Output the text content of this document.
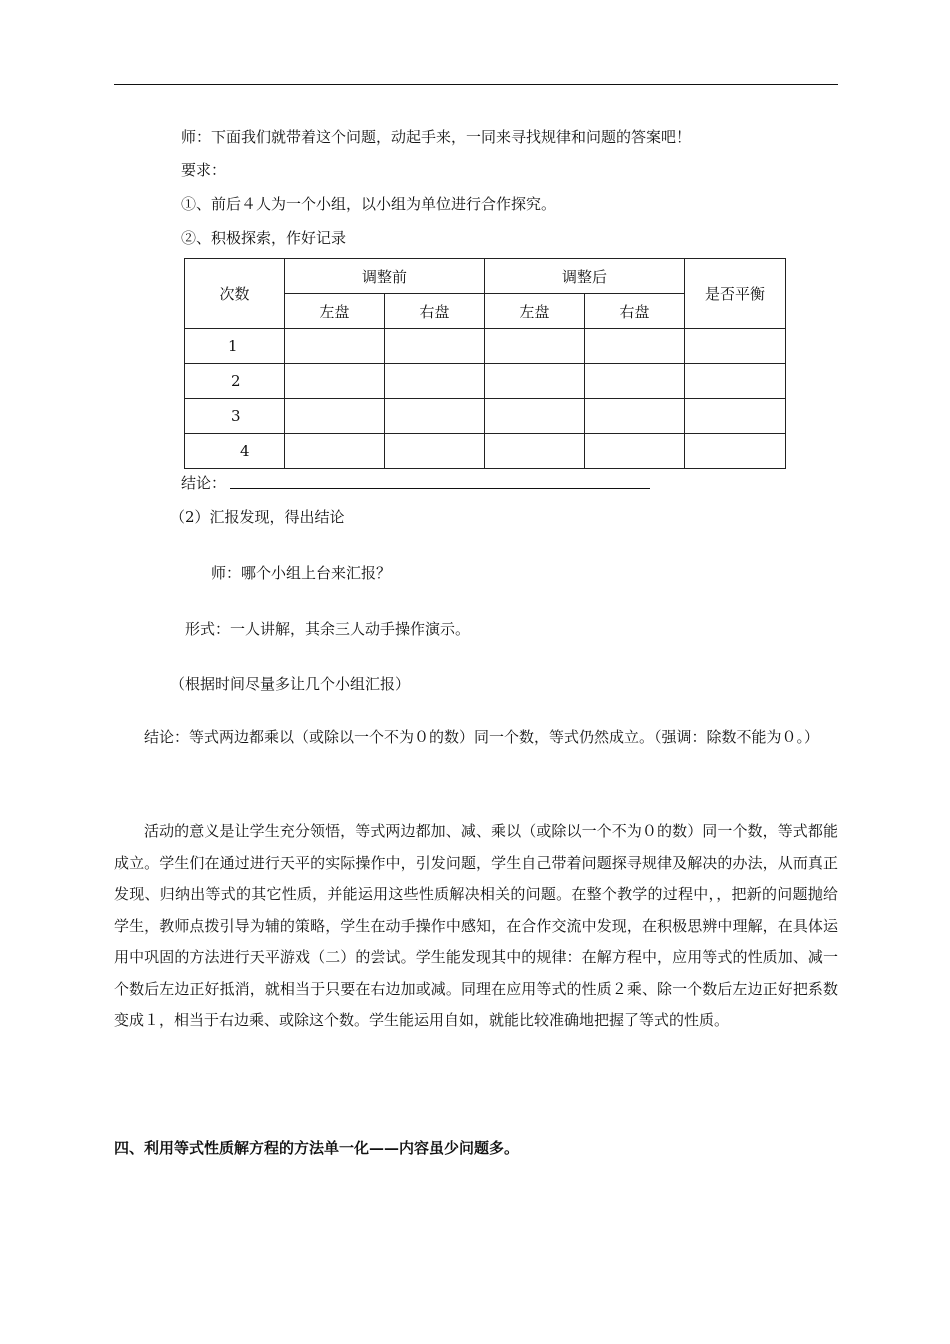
师：下面我们就带着这个问题，动起手来，一同来寻找规律和问题的答案吧！
要求：
①、前后４人为一个小组，以小组为单位进行合作探究。
②、积极探索，作好记录
次数	调整前		调整后		是否平衡
	左盘	右盘	左盘	右盘	
1					
2					
3					
4					
结论：
（2）汇报发现，得出结论
师：哪个小组上台来汇报？
形式：一人讲解，其余三人动手操作演示。
（根据时间尽量多让几个小组汇报）

结论：等式两边都乘以（或除以一个不为０的数）同一个数，等式仍然成立。（强调：除数不能为０。）

活动的意义是让学生充分领悟，等式两边都加、减、乘以（或除以一个不为０的数）同一个数，等式都能成立。学生们在通过进行天平的实际操作中，引发问题，学生自己带着问题探寻规律及解决的办法，从而真正发现、归纳出等式的其它性质，并能运用这些性质解决相关的问题。在整个教学的过程中，，把新的问题抛给学生，教师点拨引导为辅的策略，学生在动手操作中感知，在合作交流中发现，在积极思辨中理解，在具体运用中巩固的方法进行天平游戏（二）的尝试。学生能发现其中的规律：在解方程中，应用等式的性质加、减一个数后左边正好抵消，就相当于只要在右边加或减。同理在应用等式的性质２乘、除一个数后左边正好把系数变成１，相当于右边乘、或除这个数。学生能运用自如，就能比较准确地把握了等式的性质。

四、利用等式性质解方程的方法单一化——内容虽少问题多。
